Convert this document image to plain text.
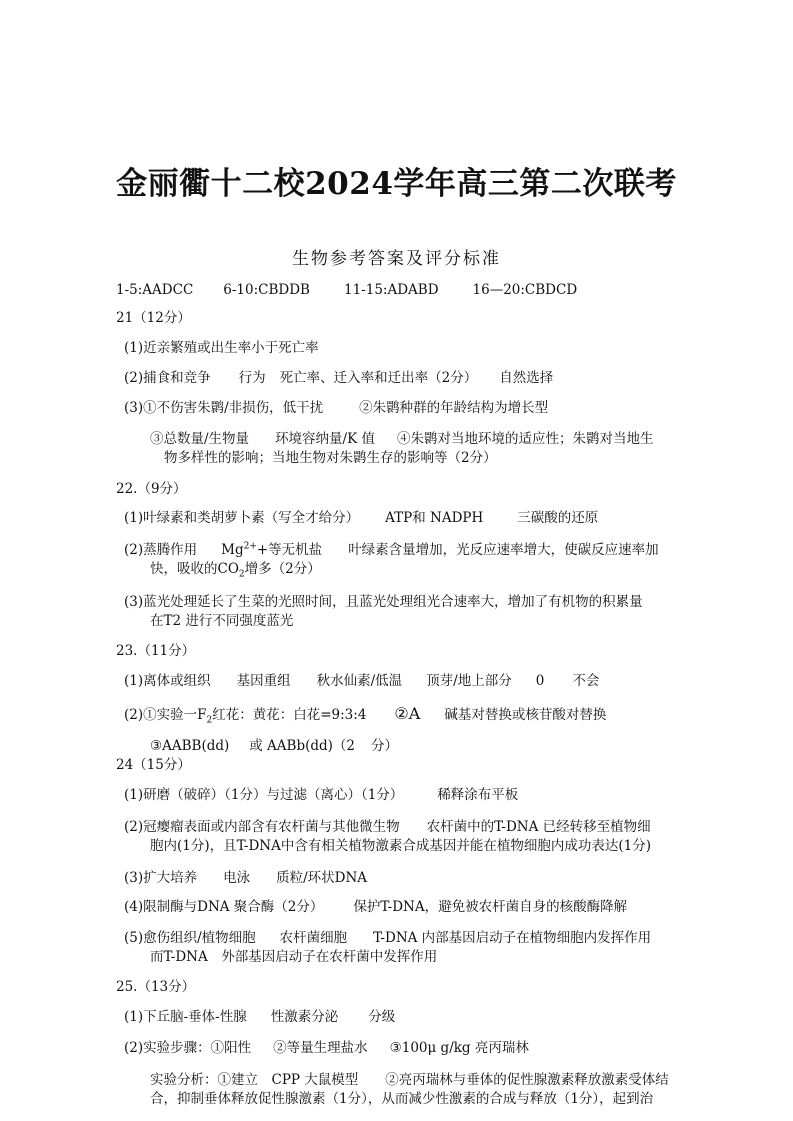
金丽衢十二校2024学年高三第二次联考
生物参考答案及评分标准
1-5:AADCC 6-10:CBDDB	11-15:ADABD	16—20:CBDCD
21（12分）
(1)近亲繁殖或出生率小于死亡率
(2)捕食和竞争 行为 死亡率、迁入率和迁出率（2分） 自然选择
(3)①不伤害朱鹮/非损伤，低干扰	②朱鹮种群的年龄结构为增长型
③总数量/生物量 环境容纳量/K 值 ④朱鹮对当地环境的适应性；朱鹮对当地生
物多样性的影响；当地生物对朱鹮生存的影响等（2分）
22.（9分）
(1)叶绿素和类胡萝卜素（写全才给分） ATP和 NADPH	三碳酸的还原
(2)蒸腾作用 $Mg^{2+}+$等无机盐 叶绿素含量增加，光反应速率增大，使碳反应速率加
快，吸收的$CO_2$增多（2分）
(3)蓝光处理延长了生菜的光照时间，且蓝光处理组光合速率大，增加了有机物的积累量
在T2 进行不同强度蓝光
23.（11分）
(1)离体或组织 基因重组 秋水仙素/低温 顶芽/地上部分 0 不会
(2)①实验一$F_2$红花：黄花：白花=9:3:4 ②A 碱基对替换或核苷酸对替换
③AABB(dd) 或 AABb(dd)（2 分）
24（15分）
(1)研磨（破碎）（1分）与过滤（离心）（1分）	稀释涂布平板
(2)冠瘿瘤表面或内部含有农杆菌与其他微生物　　农杆菌中的T-DNA 已经转移至植物细
胞内(1分)，且T-DNA中含有相关植物激素合成基因并能在植物细胞内成功表达(1分)
(3)扩大培养 电泳 质粒/环状DNA
(4)限制酶与DNA 聚合酶（2分） 保护T-DNA，避免被农杆菌自身的核酸酶降解
(5)愈伤组织/植物细胞 农杆菌细胞 T-DNA 内部基因启动子在植物细胞内发挥作用
而T-DNA　外部基因启动子在农杆菌中发挥作用
25.（13分）
(1)下丘脑-垂体-性腺 性激素分泌 分级
(2)实验步骤：①阳性 ②等量生理盐水 ③100μ g/kg 亮丙瑞林
实验分析：①建立　CPP 大鼠模型　　②亮丙瑞林与垂体的促性腺激素释放激素受体结
合，抑制垂体释放促性腺激素（1分），从而减少性激素的合成与释放（1分），起到治
